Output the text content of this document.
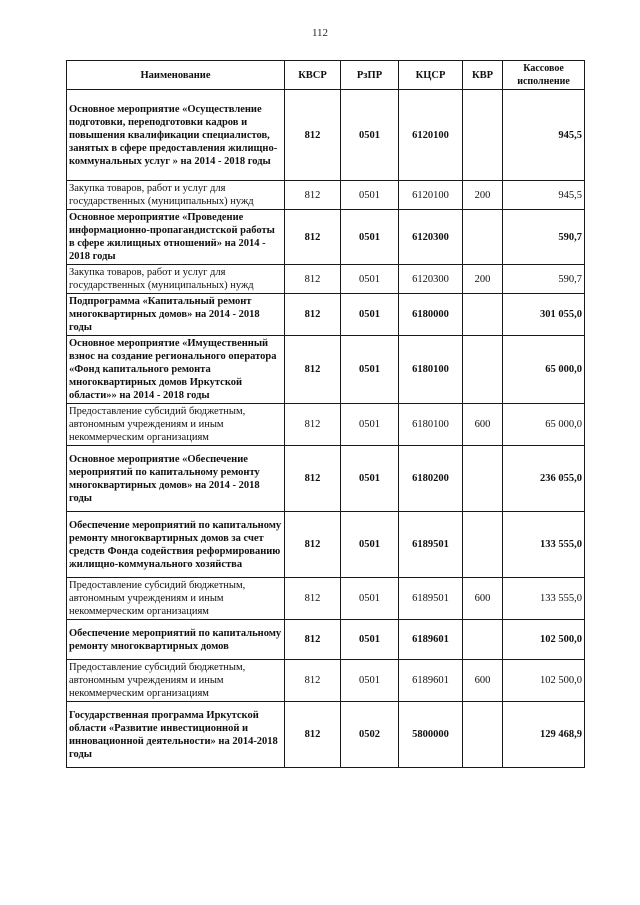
112
Наименование	КВСР	РзПР	КЦСР	КВР	Кассовое исполнение
Основное мероприятие «Осуществление подготовки, переподготовки кадров и повышения квалификации специалистов, занятых в сфере предоставления жилищно-коммунальных услуг » на 2014 - 2018 годы	812	0501	6120100		945,5
Закупка товаров, работ и услуг для государственных (муниципальных) нужд	812	0501	6120100	200	945,5
Основное мероприятие «Проведение информационно-пропагандистской работы в сфере жилищных отношений» на 2014 - 2018 годы	812	0501	6120300		590,7
Закупка товаров, работ и услуг для государственных (муниципальных) нужд	812	0501	6120300	200	590,7
Подпрограмма «Капитальный ремонт многоквартирных домов» на 2014 - 2018 годы	812	0501	6180000		301 055,0
Основное мероприятие «Имущественный взнос на создание регионального оператора «Фонд капитального ремонта многоквартирных домов Иркутской области»» на 2014 - 2018 годы	812	0501	6180100		65 000,0
Предоставление субсидий бюджетным, автономным учреждениям и иным некоммерческим организациям	812	0501	6180100	600	65 000,0
Основное мероприятие «Обеспечение мероприятий по капитальному ремонту многоквартирных домов» на 2014 - 2018 годы	812	0501	6180200		236 055,0
Обеспечение мероприятий по капитальному ремонту многоквартирных домов за счет средств Фонда содействия реформированию жилищно-коммунального хозяйства	812	0501	6189501		133 555,0
Предоставление субсидий бюджетным, автономным учреждениям и иным некоммерческим организациям	812	0501	6189501	600	133 555,0
Обеспечение мероприятий по капитальному ремонту многоквартирных домов	812	0501	6189601		102 500,0
Предоставление субсидий бюджетным, автономным учреждениям и иным некоммерческим организациям	812	0501	6189601	600	102 500,0
Государственная программа Иркутской области «Развитие инвестиционной и инновационной деятельности» на 2014-2018 годы	812	0502	5800000		129 468,9
